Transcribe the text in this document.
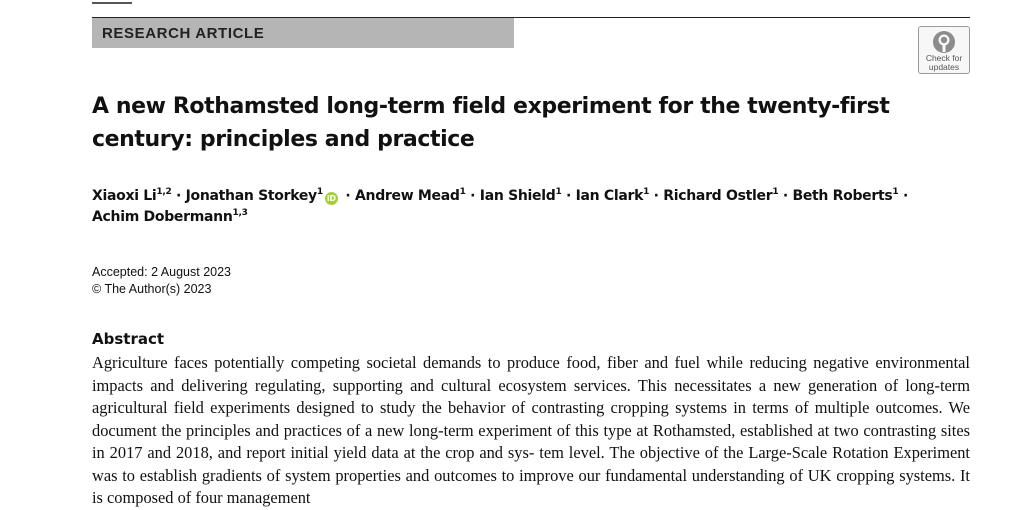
RESEARCH ARTICLE
Check for
updates
A new Rothamsted long-term field experiment for the twenty-first
century: principles and practice
Xiaoxi Li$^{1,2}$ · Jonathan Storkey$^1$iD · Andrew Mead$^1$ · Ian Shield$^1$ · Ian Clark$^1$ · Richard Ostler$^1$ · Beth Roberts$^1$ ·
Achim Dobermann$^{1,3}$
Accepted: 2 August 2023
© The Author(s) 2023
Abstract

Agriculture faces potentially competing societal demands to produce food, fiber and fuel while reducing negative environmental impacts and delivering regulating, supporting and cultural ecosystem services. This necessitates a new generation of long-term agricultural field experiments designed to study the behavior of contrasting cropping systems in terms of multiple outcomes. We document the principles and practices of a new long-term experiment of this type at Rothamsted, established at two contrasting sites in 2017 and 2018, and report initial yield data at the crop and sys- tem level. The objective of the Large-Scale Rotation Experiment was to establish gradients of system properties and outcomes to improve our fundamental understanding of UK cropping systems. It is composed of four management
